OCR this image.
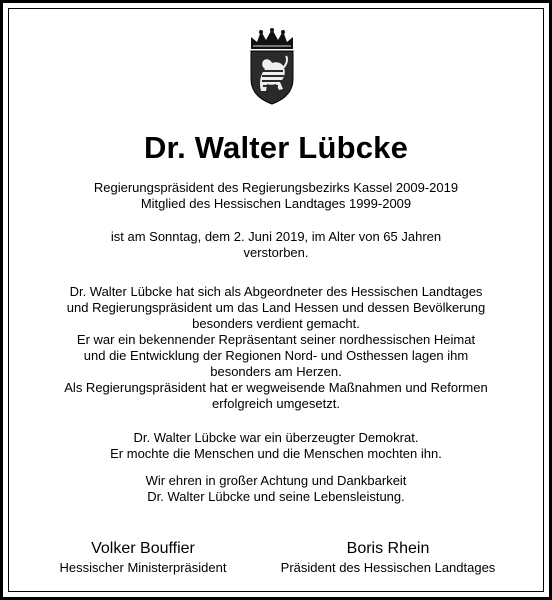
Dr. Walter Lübcke
Regierungspräsident des Regierungsbezirks Kassel 2009-2019
Mitglied des Hessischen Landtages 1999-2009
ist am Sonntag, dem 2. Juni 2019, im Alter von 65 Jahren
verstorben.
Dr. Walter Lübcke hat sich als Abgeordneter des Hessischen Landtages
und Regierungspräsident um das Land Hessen und dessen Bevölkerung
besonders verdient gemacht.
Er war ein bekennender Repräsentant seiner nordhessischen Heimat
und die Entwicklung der Regionen Nord- und Osthessen lagen ihm
besonders am Herzen.
Als Regierungspräsident hat er wegweisende Maßnahmen und Reformen
erfolgreich umgesetzt.
Dr. Walter Lübcke war ein überzeugter Demokrat.
Er mochte die Menschen und die Menschen mochten ihn.
Wir ehren in großer Achtung und Dankbarkeit
Dr. Walter Lübcke und seine Lebensleistung.
Volker Bouffier
Hessischer Ministerpräsident
Boris Rhein
Präsident des Hessischen Landtages
